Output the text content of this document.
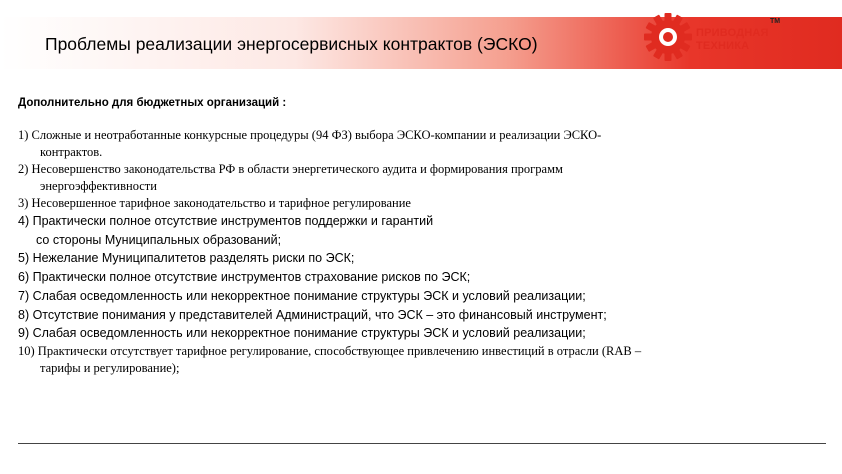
Проблемы реализации энергосервисных контрактов (ЭСКО)
ПРИВОДНАЯ
ТЕХНИКА
TM
Дополнительно для бюджетных организаций :
1) Сложные и неотработанные конкурсные процедуры (94 ФЗ) выбора ЭСКО-компании и реализации ЭСКО-
контрактов.
2) Несовершенство законодательства РФ в области энергетического аудита и формирования программ
энергоэффективности
3) Несовершенное тарифное законодательство и тарифное регулирование
4) Практически полное отсутствие инструментов поддержки и гарантий
со стороны Муниципальных образований;
5) Нежелание Муниципалитетов разделять риски по ЭСК;
6) Практически полное отсутствие инструментов страхование рисков по ЭСК;
7) Слабая осведомленность или некорректное понимание структуры ЭСК и условий реализации;
8) Отсутствие понимания у представителей Администраций, что ЭСК – это финансовый инструмент;
9) Слабая осведомленность или некорректное понимание структуры ЭСК и условий реализации;
10) Практически отсутствует тарифное регулирование, способствующее привлечению инвестиций в отрасли (RAB –
тарифы и регулирование);
